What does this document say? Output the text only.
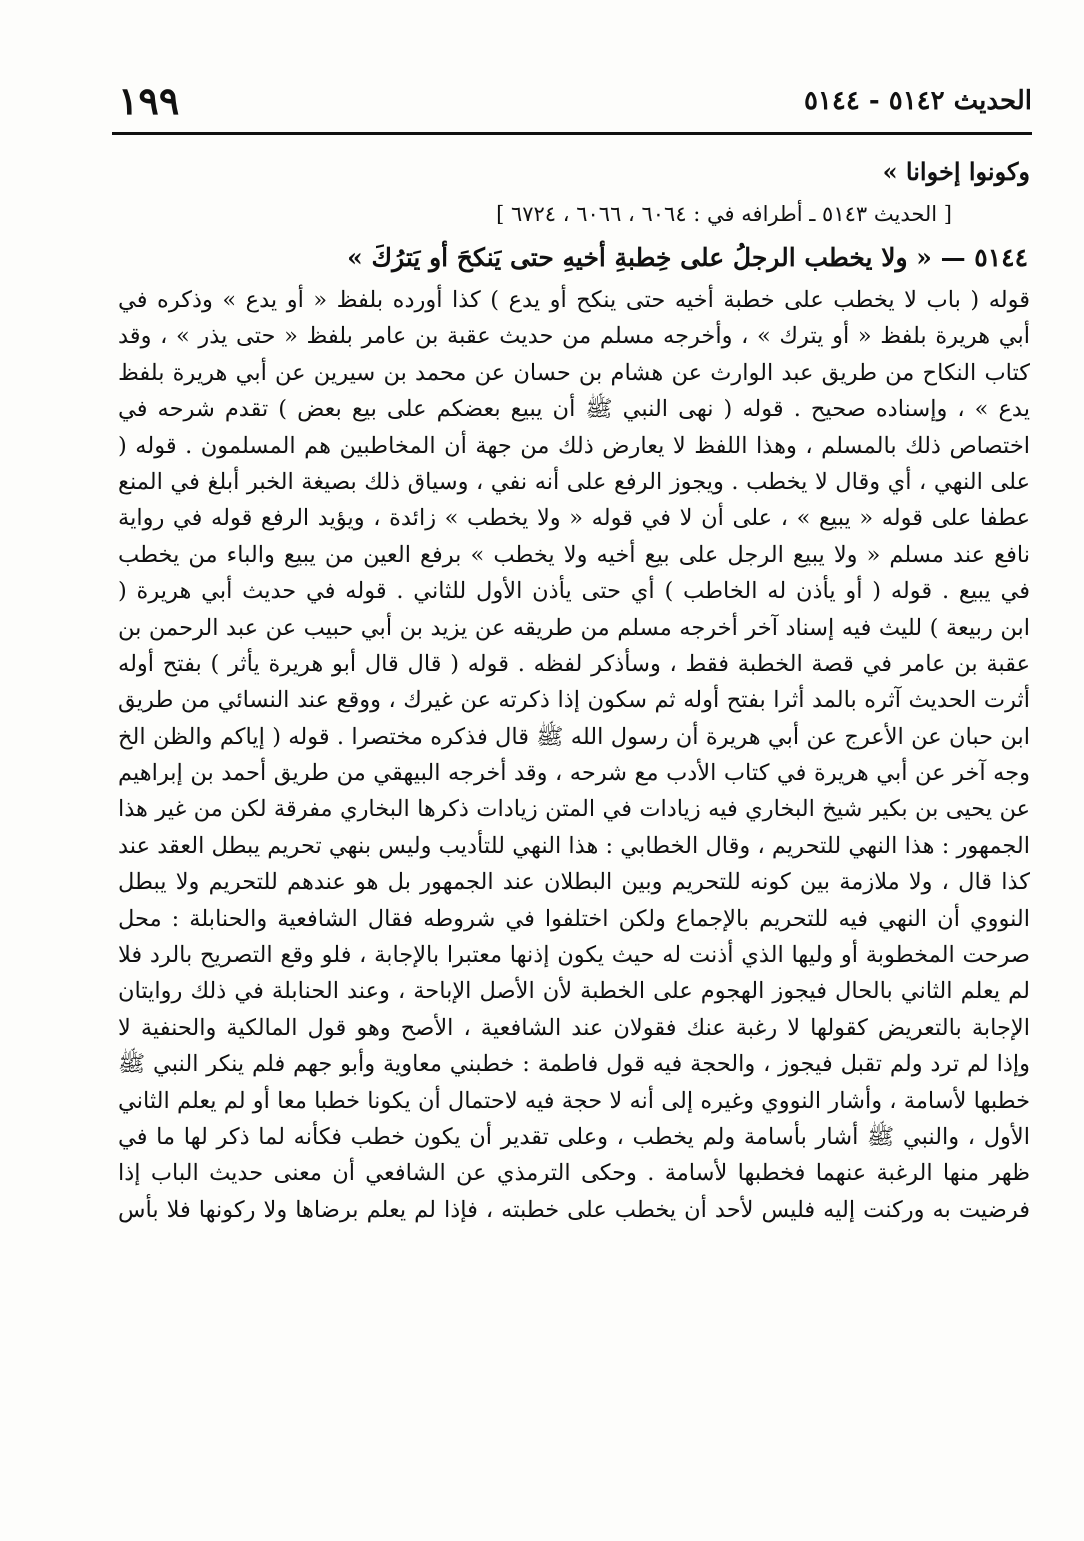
الحديث ٥١٤٢ - ٥١٤٤
١٩٩
وكونوا إخوانا »
[ الحديث ٥١٤٣ ـ أطرافه في : ٦٠٦٤ ، ٦٠٦٦ ، ٦٧٢٤ ]
٥١٤٤ — « ولا يخطب الرجلُ على خِطبةِ أخيهِ حتى يَنكحَ أو يَترُكَ »
قوله ( باب لا يخطب على خطبة أخيه حتى ينكح أو يدع ) كذا أورده بلفظ « أو يدع » وذكره في
أبي هريرة بلفظ « أو يترك » ، وأخرجه مسلم من حديث عقبة بن عامر بلفظ « حتى يذر » ، وقد
كتاب النكاح من طريق عبد الوارث عن هشام بن حسان عن محمد بن سيرين عن أبي هريرة بلفظ
يدع » ، وإسناده صحيح . قوله ( نهى النبي ﷺ أن يبيع بعضكم على بيع بعض ) تقدم شرحه في
اختصاص ذلك بالمسلم ، وهذا اللفظ لا يعارض ذلك من جهة أن المخاطبين هم المسلمون . قوله (
على النهي ، أي وقال لا يخطب . ويجوز الرفع على أنه نفي ، وسياق ذلك بصيغة الخبر أبلغ في المنع
عطفا على قوله « يبيع » ، على أن لا في قوله « ولا يخطب » زائدة ، ويؤيد الرفع قوله في رواية
نافع عند مسلم « ولا يبيع الرجل على بيع أخيه ولا يخطب » برفع العين من يبيع والباء من يخطب
في يبيع . قوله ( أو يأذن له الخاطب ) أي حتى يأذن الأول للثاني . قوله في حديث أبي هريرة (
ابن ربيعة ) لليث فيه إسناد آخر أخرجه مسلم من طريقه عن يزيد بن أبي حبيب عن عبد الرحمن بن
عقبة بن عامر في قصة الخطبة فقط ، وسأذكر لفظه . قوله ( قال قال أبو هريرة يأثر ) بفتح أوله
أثرت الحديث آثره بالمد أثرا بفتح أوله ثم سكون إذا ذكرته عن غيرك ، ووقع عند النسائي من طريق
ابن حبان عن الأعرج عن أبي هريرة أن رسول الله ﷺ قال فذكره مختصرا . قوله ( إياكم والظن الخ
وجه آخر عن أبي هريرة في كتاب الأدب مع شرحه ، وقد أخرجه البيهقي من طريق أحمد بن إبراهيم
عن يحيى بن بكير شيخ البخاري فيه زيادات في المتن زيادات ذكرها البخاري مفرقة لكن من غير هذا
الجمهور : هذا النهي للتحريم ، وقال الخطابي : هذا النهي للتأديب وليس بنهي تحريم يبطل العقد عند
كذا قال ، ولا ملازمة بين كونه للتحريم وبين البطلان عند الجمهور بل هو عندهم للتحريم ولا يبطل
النووي أن النهي فيه للتحريم بالإجماع ولكن اختلفوا في شروطه فقال الشافعية والحنابلة : محل
صرحت المخطوبة أو وليها الذي أذنت له حيث يكون إذنها معتبرا بالإجابة ، فلو وقع التصريح بالرد فلا
لم يعلم الثاني بالحال فيجوز الهجوم على الخطبة لأن الأصل الإباحة ، وعند الحنابلة في ذلك روايتان
الإجابة بالتعريض كقولها لا رغبة عنك فقولان عند الشافعية ، الأصح وهو قول المالكية والحنفية لا
وإذا لم ترد ولم تقبل فيجوز ، والحجة فيه قول فاطمة : خطبني معاوية وأبو جهم فلم ينكر النبي ﷺ
خطبها لأسامة ، وأشار النووي وغيره إلى أنه لا حجة فيه لاحتمال أن يكونا خطبا معا أو لم يعلم الثاني
الأول ، والنبي ﷺ أشار بأسامة ولم يخطب ، وعلى تقدير أن يكون خطب فكأنه لما ذكر لها ما في
ظهر منها الرغبة عنهما فخطبها لأسامة . وحكى الترمذي عن الشافعي أن معنى حديث الباب إذا
فرضيت به وركنت إليه فليس لأحد أن يخطب على خطبته ، فإذا لم يعلم برضاها ولا ركونها فلا بأس
